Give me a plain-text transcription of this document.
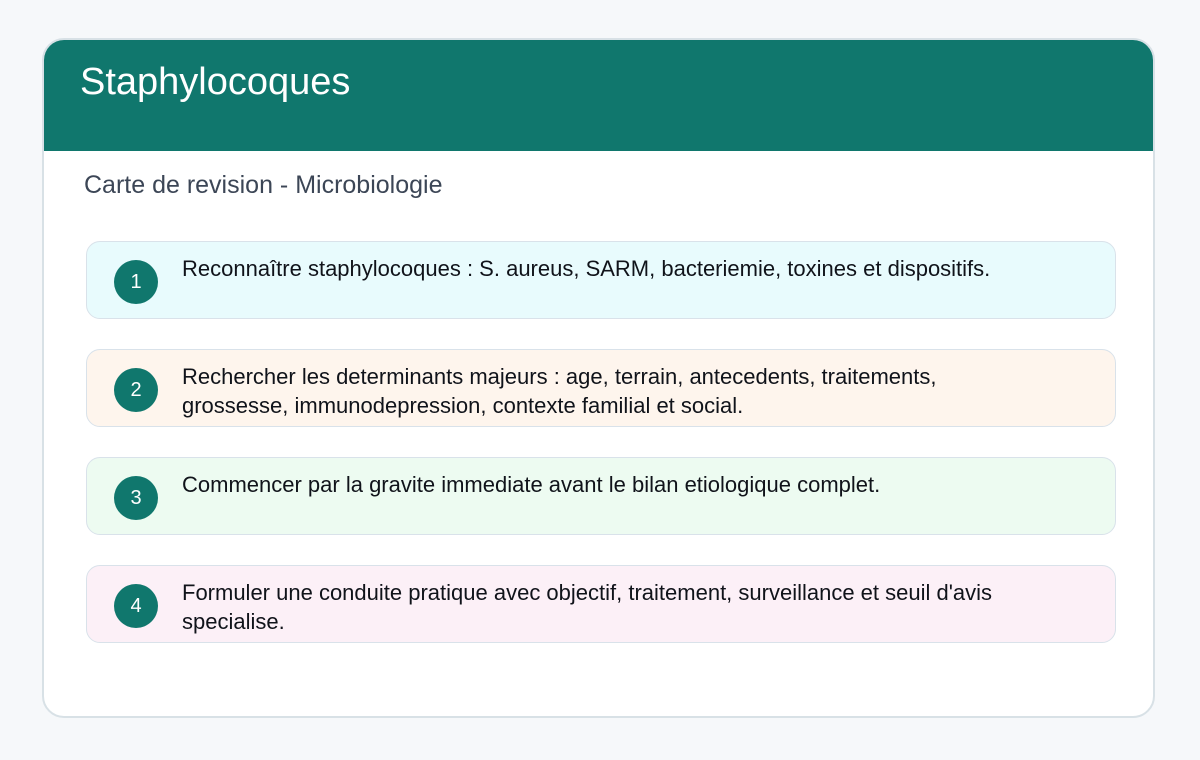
Staphylocoques
Carte de revision - Microbiologie
1
Reconnaître staphylocoques : S. aureus, SARM, bacteriemie, toxines et dispositifs.
2
Rechercher les determinants majeurs : age, terrain, antecedents, traitements, grossesse, immunodepression, contexte familial et social.
3
Commencer par la gravite immediate avant le bilan etiologique complet.
4
Formuler une conduite pratique avec objectif, traitement, surveillance et seuil d'avis specialise.
